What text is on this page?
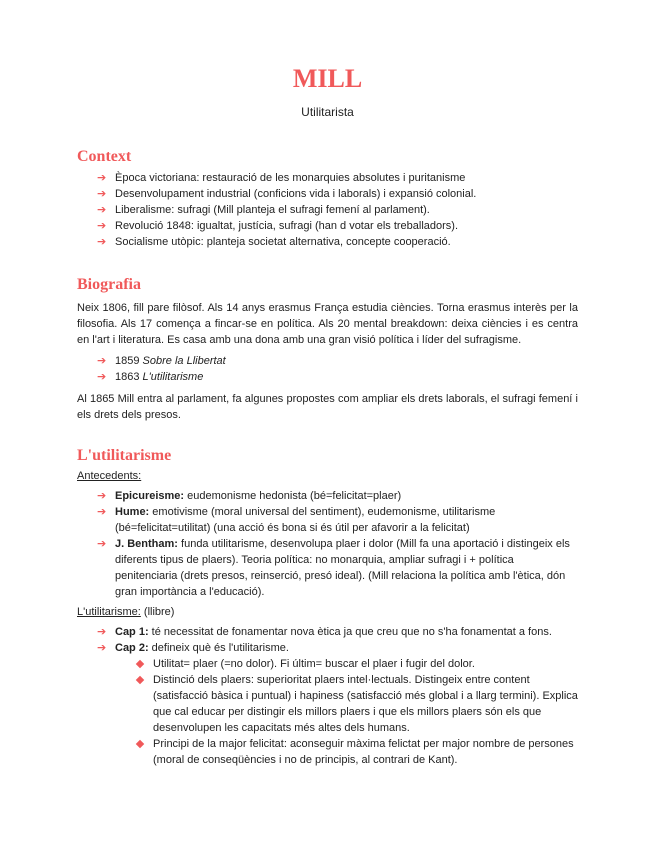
MILL
Utilitarista
Context
➔ Època victoriana: restauració de les monarquies absolutes i puritanisme
➔ Desenvolupament industrial (conficions vida i laborals) i expansió colonial.
➔ Liberalisme: sufragi (Mill planteja el sufragi femení al parlament).
➔ Revolució 1848: igualtat, justícia, sufragi (han d votar els treballadors).
➔ Socialisme utòpic: planteja societat alternativa, concepte cooperació.
Biografia

Neix 1806, fill pare filòsof. Als 14 anys erasmus França estudia ciències. Torna erasmus interès per la filosofia. Als 17 comença a fincar-se en política. Als 20 mental breakdown: deixa ciències i es centra en l'art i literatura. Es casa amb una dona amb una gran visió política i líder del sufragisme.

➔ 1859 Sobre la Llibertat
➔ 1863 L'utilitarisme

Al 1865 Mill entra al parlament, fa algunes propostes com ampliar els drets laborals, el sufragi femení i els drets dels presos.

L'utilitarisme
Antecedents:
➔ Epicureisme: eudemonisme hedonista (bé=felicitat=plaer)
➔ Hume: emotivisme (moral universal del sentiment), eudemonisme, utilitarisme (bé=felicitat=utilitat) (una acció és bona si és útil per afavorir a la felicitat)
➔ J. Bentham: funda utilitarisme, desenvolupa plaer i dolor (Mill fa una aportació i distingeix els diferents tipus de plaers). Teoria política: no monarquia, ampliar sufragi i + política penitenciaria (drets presos, reinserció, presó ideal). (Mill relaciona la política amb l'ètica, dón gran importància a l'educació).
L'utilitarisme: (llibre)
➔ Cap 1: té necessitat de fonamentar nova ètica ja que creu que no s'ha fonamentat a fons.
➔ Cap 2: defineix què és l'utilitarisme.
Utilitat= plaer (=no dolor). Fi últim= buscar el plaer i fugir del dolor.
Distinció dels plaers: superioritat plaers intel·lectuals. Distingeix entre content (satisfacció bàsica i puntual) i hapiness (satisfacció més global i a llarg termini). Explica que cal educar per distingir els millors plaers i que els millors plaers són els que desenvolupen les capacitats més altes dels humans.
Principi de la major felicitat: aconseguir màxima felictat per major nombre de persones (moral de conseqüències i no de principis, al contrari de Kant).
